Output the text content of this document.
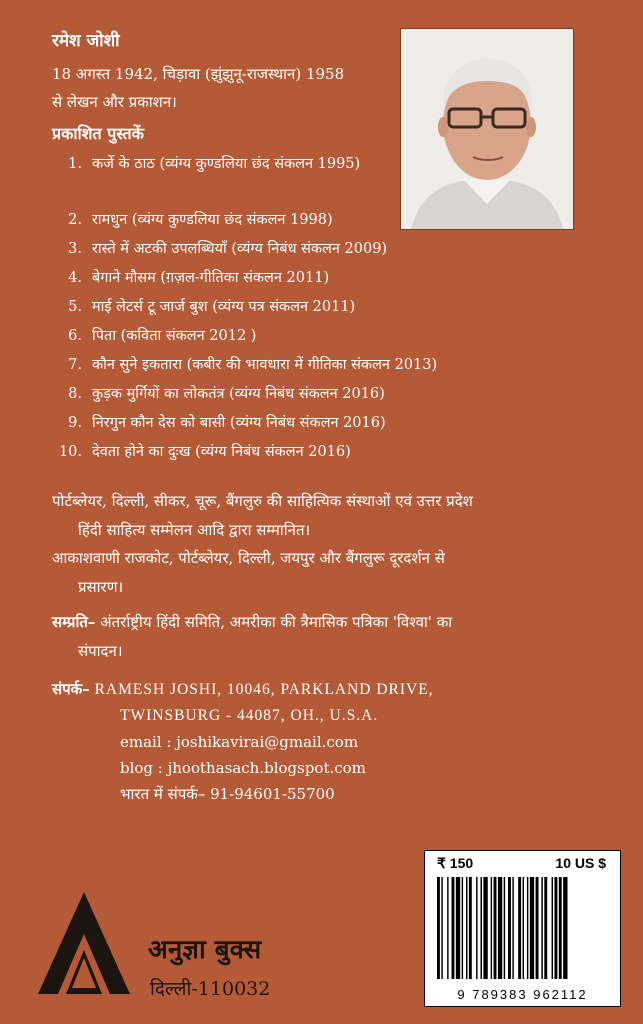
रमेश जोशी
18 अगस्त 1942, चिड़ावा (झुंझुनू-राजस्थान) 1958
से लेखन और प्रकाशन।
प्रकाशित पुस्तकें
1. कर्जे के ठाठ (व्यंग्य कुण्डलिया छंद संकलन 1995)
2. रामधुन (व्यंग्य कुण्डलिया छंद संकलन 1998)
3. रास्ते में अटकी उपलब्धियाँ (व्यंग्य निबंध संकलन 2009)
4. बेगाने मौसम (ग़ज़ल-गीतिका संकलन 2011)
5. माई लेटर्स टू जार्ज बुश (व्यंग्य पत्र संकलन 2011)
6. पिता (कविता संकलन 2012 )
7. कौन सुने इकतारा (कबीर की भावधारा में गीतिका संकलन 2013)
8. कुड़क मुर्गियों का लोकतंत्र (व्यंग्य निबंध संकलन 2016)
9. निरगुन कौन देस को बासी (व्यंग्य निबंध संकलन 2016)
10. देवता होने का दुःख (व्यंग्य निबंध संकलन 2016)
पोर्टब्लेयर, दिल्ली, सीकर, चूरू, बैंगलुरु की साहित्यिक संस्थाओं एवं उत्तर प्रदेश
हिंदी साहित्य सम्मेलन आदि द्वारा सम्मानित।
आकाशवाणी राजकोट, पोर्टब्लेयर, दिल्ली, जयपुर और बैंगलुरू दूरदर्शन से
प्रसारण।
सम्प्रति– अंतर्राष्ट्रीय हिंदी समिति, अमरीका की त्रैमासिक पत्रिका 'विश्वा' का
संपादन।
संपर्क– RAMESH JOSHI, 10046, PARKLAND DRIVE,
TWINSBURG - 44087, OH., U.S.A.
email : joshikavirai@gmail.com
blog : jhoothasach.blogspot.com
भारत में संपर्क– 91-94601-55700
अनुज्ञा बुक्स
दिल्ली-110032
₹ 150	10 US $
9 789383 962112
